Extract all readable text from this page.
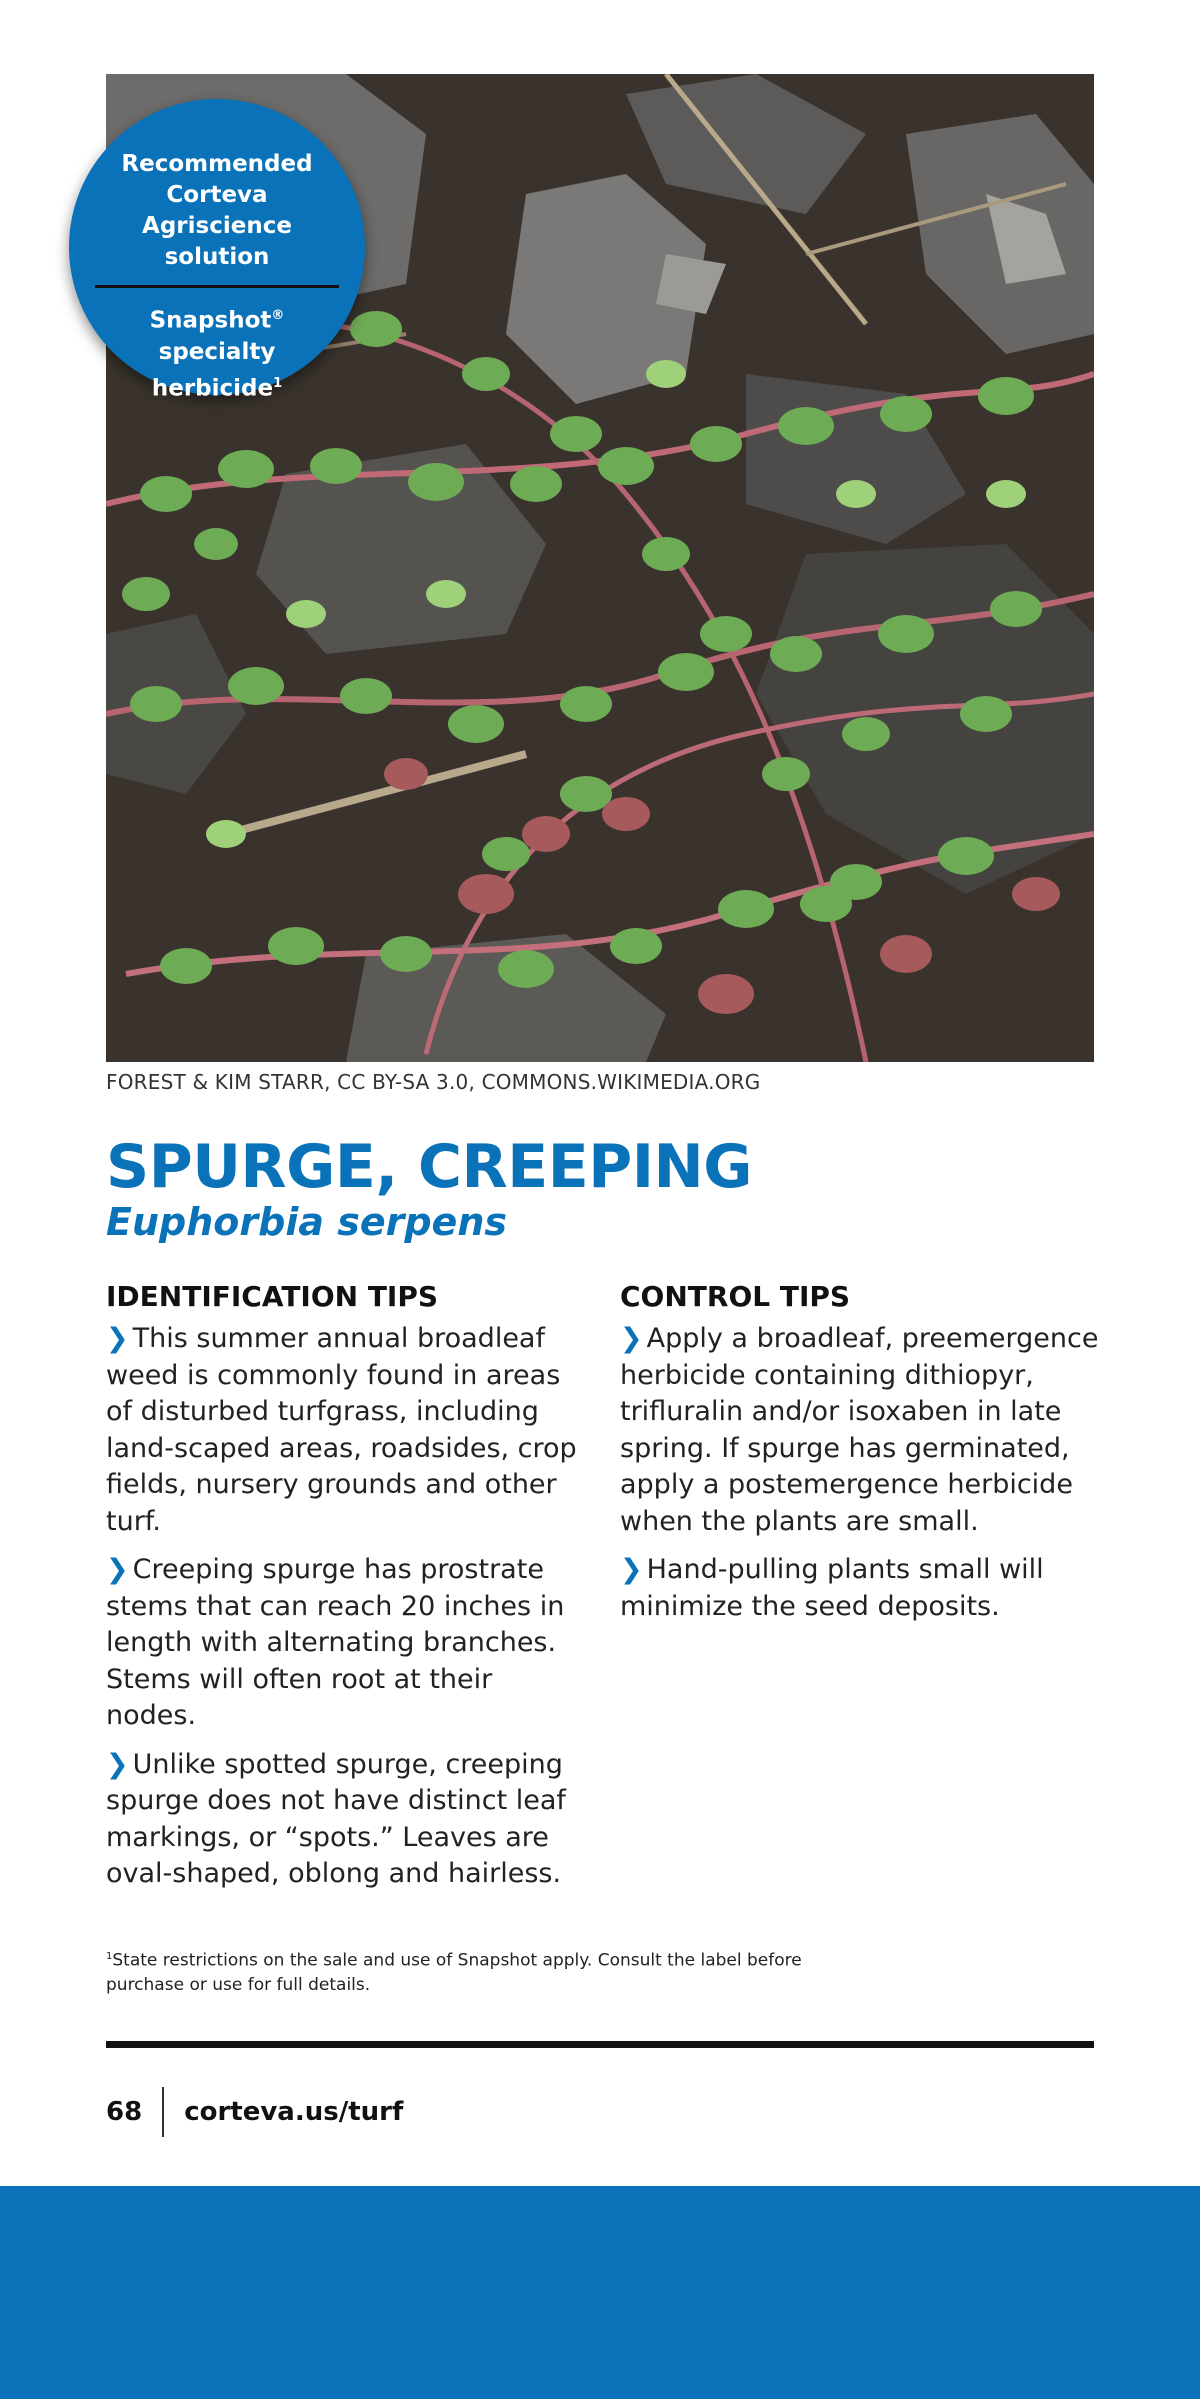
Recommended Corteva Agriscience solution
Snapshot® specialty herbicide$^1$
FOREST & KIM STARR, CC BY-SA 3.0, COMMONS.WIKIMEDIA.ORG
SPURGE, CREEPING
Euphorbia serpens
IDENTIFICATION TIPS

❯ This summer annual broadleaf weed is commonly found in areas of disturbed turfgrass, including land-scaped areas, roadsides, crop fields, nursery grounds and other turf.

❯ Creeping spurge has prostrate stems that can reach 20 inches in length with alternating branches. Stems will often root at their nodes.

❯ Unlike spotted spurge, creeping spurge does not have distinct leaf markings, or “spots.” Leaves are oval-shaped, oblong and hairless.

CONTROL TIPS

❯ Apply a broadleaf, preemergence herbicide containing dithiopyr, trifluralin and/or isoxaben in late spring. If spurge has germinated, apply a postemergence herbicide when the plants are small.

❯ Hand-pulling plants small will minimize the seed deposits.

$^1$State restrictions on the sale and use of Snapshot apply. Consult the label before purchase or use for full details.
68 corteva.us/turf
